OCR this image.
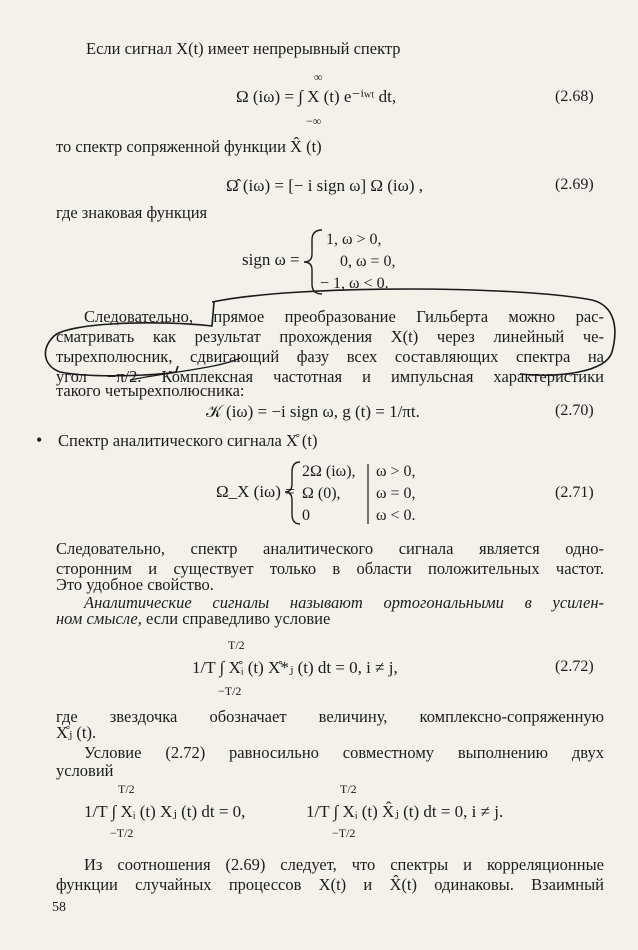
Если сигнал X(t) имеет непрерывный спектр
∞
Ω (iω) = ∫ X (t) e⁻ⁱʷᵗ dt,
−∞
(2.68)
то спектр сопряженной функции X̂ (t)
Ω̂ (iω) = [− i sign ω] Ω (iω) ,	(2.69)
где знаковая функция
sign ω =
1, ω > 0,
0, ω = 0,
− 1, ω < 0.
Следовательно, прямое преобразование Гильберта можно рас-
сматривать как результат прохождения X(t) через линейный че-
тырехполюсник, сдвигающий фазу всех составляющих спектра на
угол −π/2. Комплексная частотная и импульсная характеристики
такого четырехполюсника:
𝒦 (iω) = −i sign ω, g (t) = 1/πt.	(2.70)
• Спектр аналитического сигнала X̊ (t)
Ω_X (iω) =
2Ω (iω),
Ω (0),
0
ω > 0,
ω = 0,
ω < 0.
(2.71)
Следовательно, спектр аналитического сигнала является одно-
сторонним и существует только в области положительных частот.
Это удобное свойство.
Аналитические сигналы называют ортогональными в усилен-
ном смысле, если справедливо условие
T/2
1/T ∫ X̊ᵢ (t) X̊*ⱼ (t) dt = 0, i ≠ j,
−T/2
(2.72)
где звездочка обозначает величину, комплексно-сопряженную
X̊ⱼ (t).
Условие (2.72) равносильно совместному выполнению двух
условий
T/2
1/T ∫ Xᵢ (t) Xⱼ (t) dt = 0,
−T/2
T/2
1/T ∫ Xᵢ (t) X̂ⱼ (t) dt = 0, i ≠ j.
−T/2
Из соотношения (2.69) следует, что спектры и корреляционные
функции случайных процессов X(t) и X̂(t) одинаковы. Взаимный
58
